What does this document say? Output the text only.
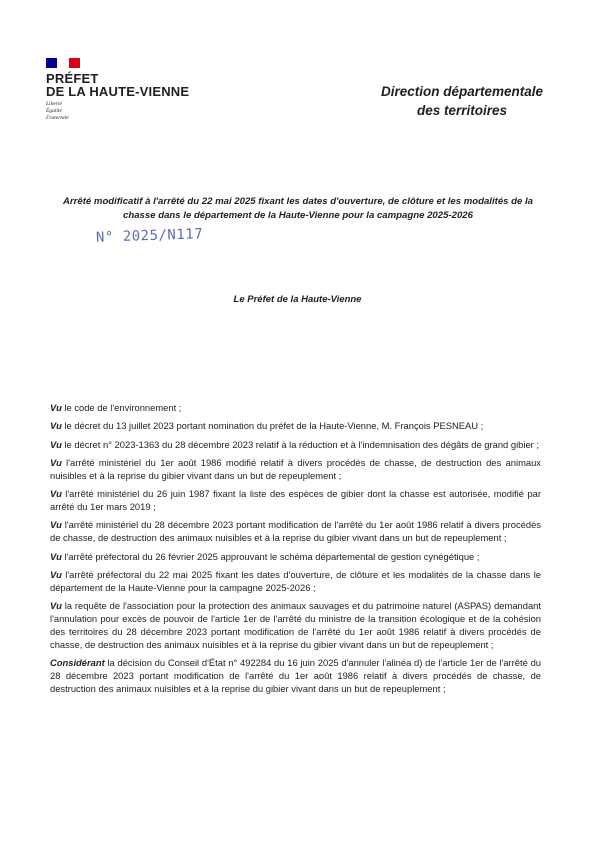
PRÉFET
DE LA HAUTE-VIENNE
Liberté
Égalité
Fraternité
Direction départementale
des territoires
Arrêté modificatif à l'arrêté du 22 mai 2025 fixant les dates d'ouverture, de clôture et les modalités de la chasse dans le département de la Haute-Vienne pour la campagne 2025-2026
N° 2025/N117
Le Préfet de la Haute-Vienne

Vu le code de l'environnement ;

Vu le décret du 13 juillet 2023 portant nomination du préfet de la Haute-Vienne, M. François PESNEAU ;

Vu le décret n° 2023-1363 du 28 décembre 2023 relatif à la réduction et à l'indemnisation des dégâts de grand gibier ;

Vu l'arrêté ministériel du 1er août 1986 modifié relatif à divers procédés de chasse, de destruction des animaux nuisibles et à la reprise du gibier vivant dans un but de repeuplement ;

Vu l'arrêté ministériel du 26 juin 1987 fixant la liste des espèces de gibier dont la chasse est autorisée, modifié par arrêté du 1er mars 2019 ;

Vu l'arrêté ministériel du 28 décembre 2023 portant modification de l'arrêté du 1er août 1986 relatif à divers procédés de chasse, de destruction des animaux nuisibles et à la reprise du gibier vivant dans un but de repeuplement ;

Vu l'arrêté préfectoral du 26 février 2025 approuvant le schéma départemental de gestion cynégétique ;

Vu l'arrêté préfectoral du 22 mai 2025 fixant les dates d'ouverture, de clôture et les modalités de la chasse dans le département de la Haute-Vienne pour la campagne 2025-2026 ;

Vu la requête de l'association pour la protection des animaux sauvages et du patrimoine naturel (ASPAS) demandant l'annulation pour excès de pouvoir de l'article 1er de l'arrêté du ministre de la transition écologique et de la cohésion des territoires du 28 décembre 2023 portant modification de l'arrêté du 1er août 1986 relatif à divers procédés de chasse, de destruction des animaux nuisibles et à la reprise du gibier vivant dans un but de repeuplement ;

Considérant la décision du Conseil d'État n° 492284 du 16 juin 2025 d'annuler l'alinéa d) de l'article 1er de l'arrêté du 28 décembre 2023 portant modification de l'arrêté du 1er août 1986 relatif à divers procédés de chasse, de destruction des animaux nuisibles et à la reprise du gibier vivant dans un but de repeuplement ;
